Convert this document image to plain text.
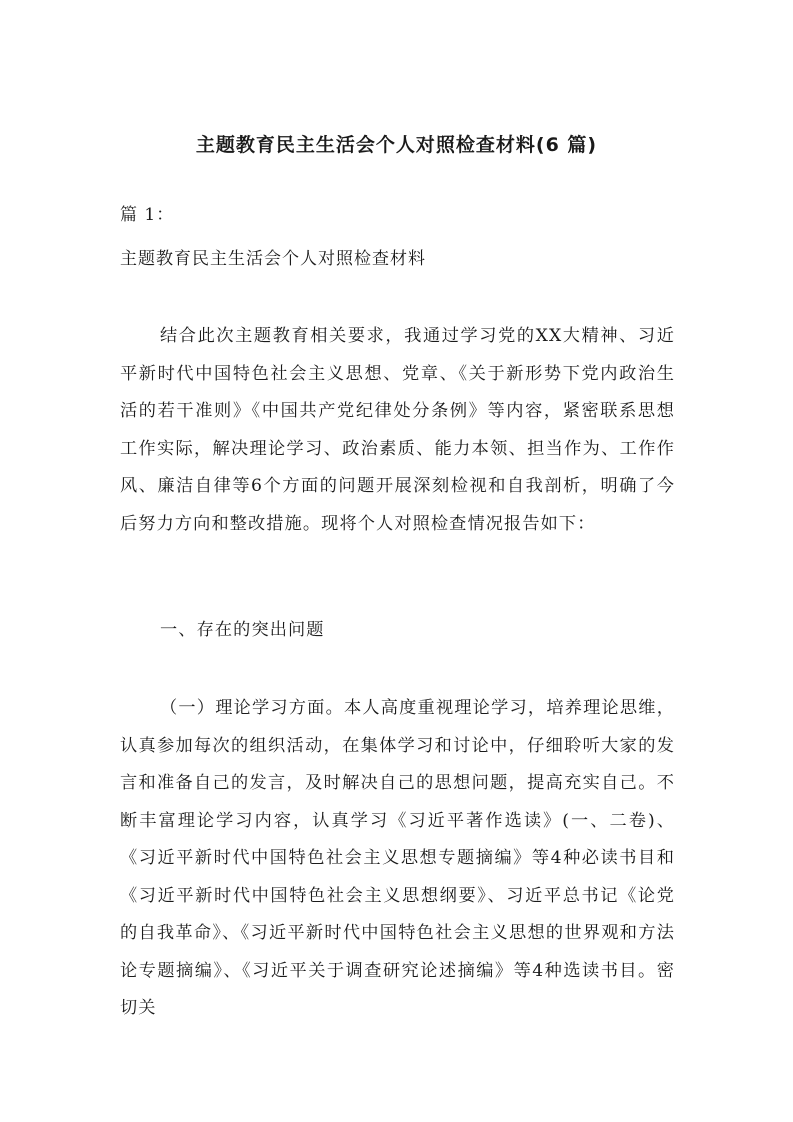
主题教育民主生活会个人对照检查材料(6 篇)

篇 1：

主题教育民主生活会个人对照检查材料

结合此次主题教育相关要求，我通过学习党的XX大精神、习近平新时代中国特色社会主义思想、党章、《关于新形势下党内政治生活的若干准则》《中国共产党纪律处分条例》等内容，紧密联系思想工作实际，解决理论学习、政治素质、能力本领、担当作为、工作作风、廉洁自律等6个方面的问题开展深刻检视和自我剖析，明确了今后努力方向和整改措施。现将个人对照检查情况报告如下：

一、存在的突出问题

（一）理论学习方面。本人高度重视理论学习，培养理论思维，认真参加每次的组织活动，在集体学习和讨论中，仔细聆听大家的发言和准备自己的发言，及时解决自己的思想问题，提高充实自己。不断丰富理论学习内容，认真学习《习近平著作选读》(一、二卷)、《习近平新时代中国特色社会主义思想专题摘编》等4种必读书目和《习近平新时代中国特色社会主义思想纲要》、习近平总书记《论党的自我革命》、《习近平新时代中国特色社会主义思想的世界观和方法论专题摘编》、《习近平关于调查研究论述摘编》等4种选读书目。密切关
